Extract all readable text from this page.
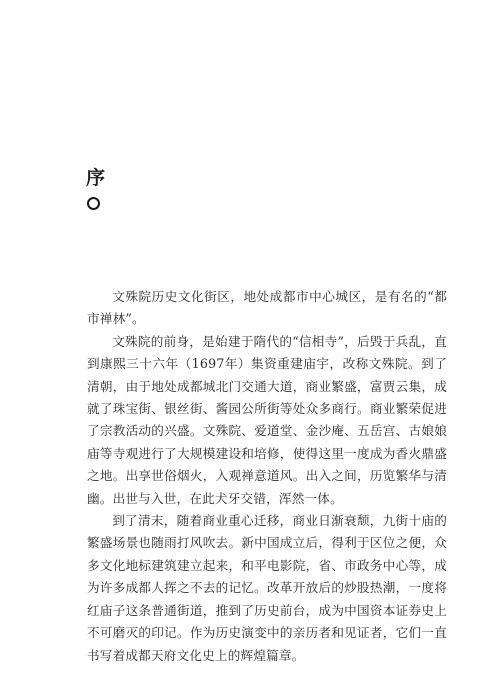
序

文殊院历史文化街区，地处成都市中心城区，是有名的“都市禅林”。

文殊院的前身，是始建于隋代的“信相寺”，后毁于兵乱，直到康熙三十六年（1697年）集资重建庙宇，改称文殊院。到了清朝，由于地处成都城北门交通大道，商业繁盛，富贾云集，成就了珠宝街、银丝街、酱园公所街等处众多商行。商业繁荣促进了宗教活动的兴盛。文殊院、爱道堂、金沙庵、五岳宫、古娘娘庙等寺观进行了大规模建设和培修，使得这里一度成为香火鼎盛之地。出享世俗烟火，入观禅意道风。出入之间，历览繁华与清幽。出世与入世，在此犬牙交错，浑然一体。

到了清末，随着商业重心迁移，商业日渐衰颓，九街十庙的繁盛场景也随雨打风吹去。新中国成立后，得利于区位之便，众多文化地标建筑建立起来，和平电影院，省、市政务中心等，成为许多成都人挥之不去的记忆。改革开放后的炒股热潮，一度将红庙子这条普通街道，推到了历史前台，成为中国资本证券史上不可磨灭的印记。作为历史演变中的亲历者和见证者，它们一直书写着成都天府文化史上的辉煌篇章。
